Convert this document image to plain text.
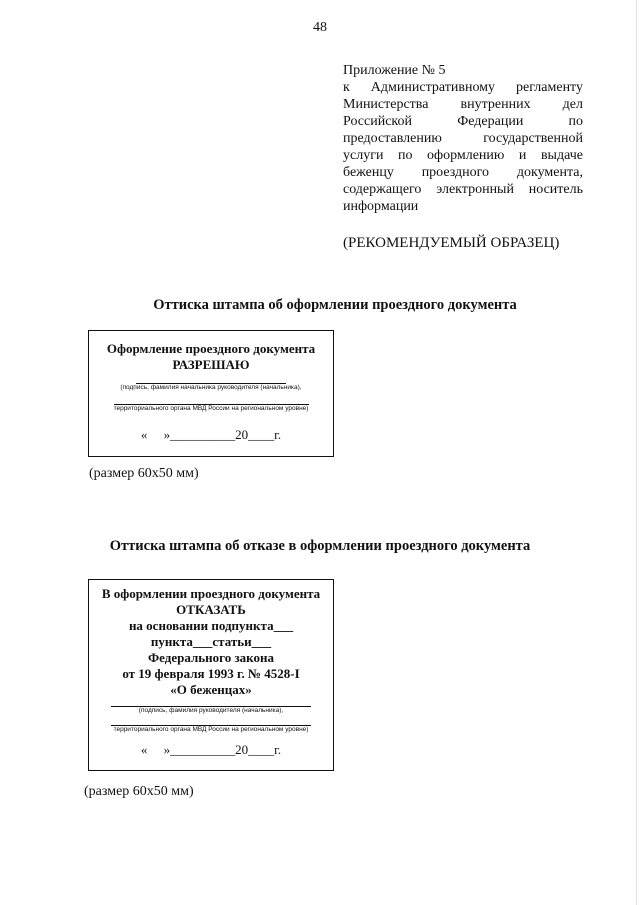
48
Приложение № 5
к Административному регламенту
Министерства внутренних дел
Российской Федерации по
предоставлению государственной
услуги по оформлению и выдаче
беженцу проездного документа,
содержащего электронный носитель
информации
(РЕКОМЕНДУЕМЫЙ ОБРАЗЕЦ)
Оттиска штампа об оформлении проездного документа
Оформление проездного документа
РАЗРЕШАЮ
(подпись, фамилия начальника руководителя (начальника),
территориального органа МВД России на региональном уровне)
«     »__________20____г.
(размер 60х50 мм)
Оттиска штампа об отказе в оформлении проездного документа
В оформлении проездного документа
ОТКАЗАТЬ
на основании подпункта___
пункта___статьи___
Федерального закона
от 19 февраля 1993 г. № 4528-I
«О беженцах»
(подпись, фамилия руководителя (начальника),
территориального органа МВД России на региональном уровне)
«     »__________20____г.
(размер 60х50 мм)
